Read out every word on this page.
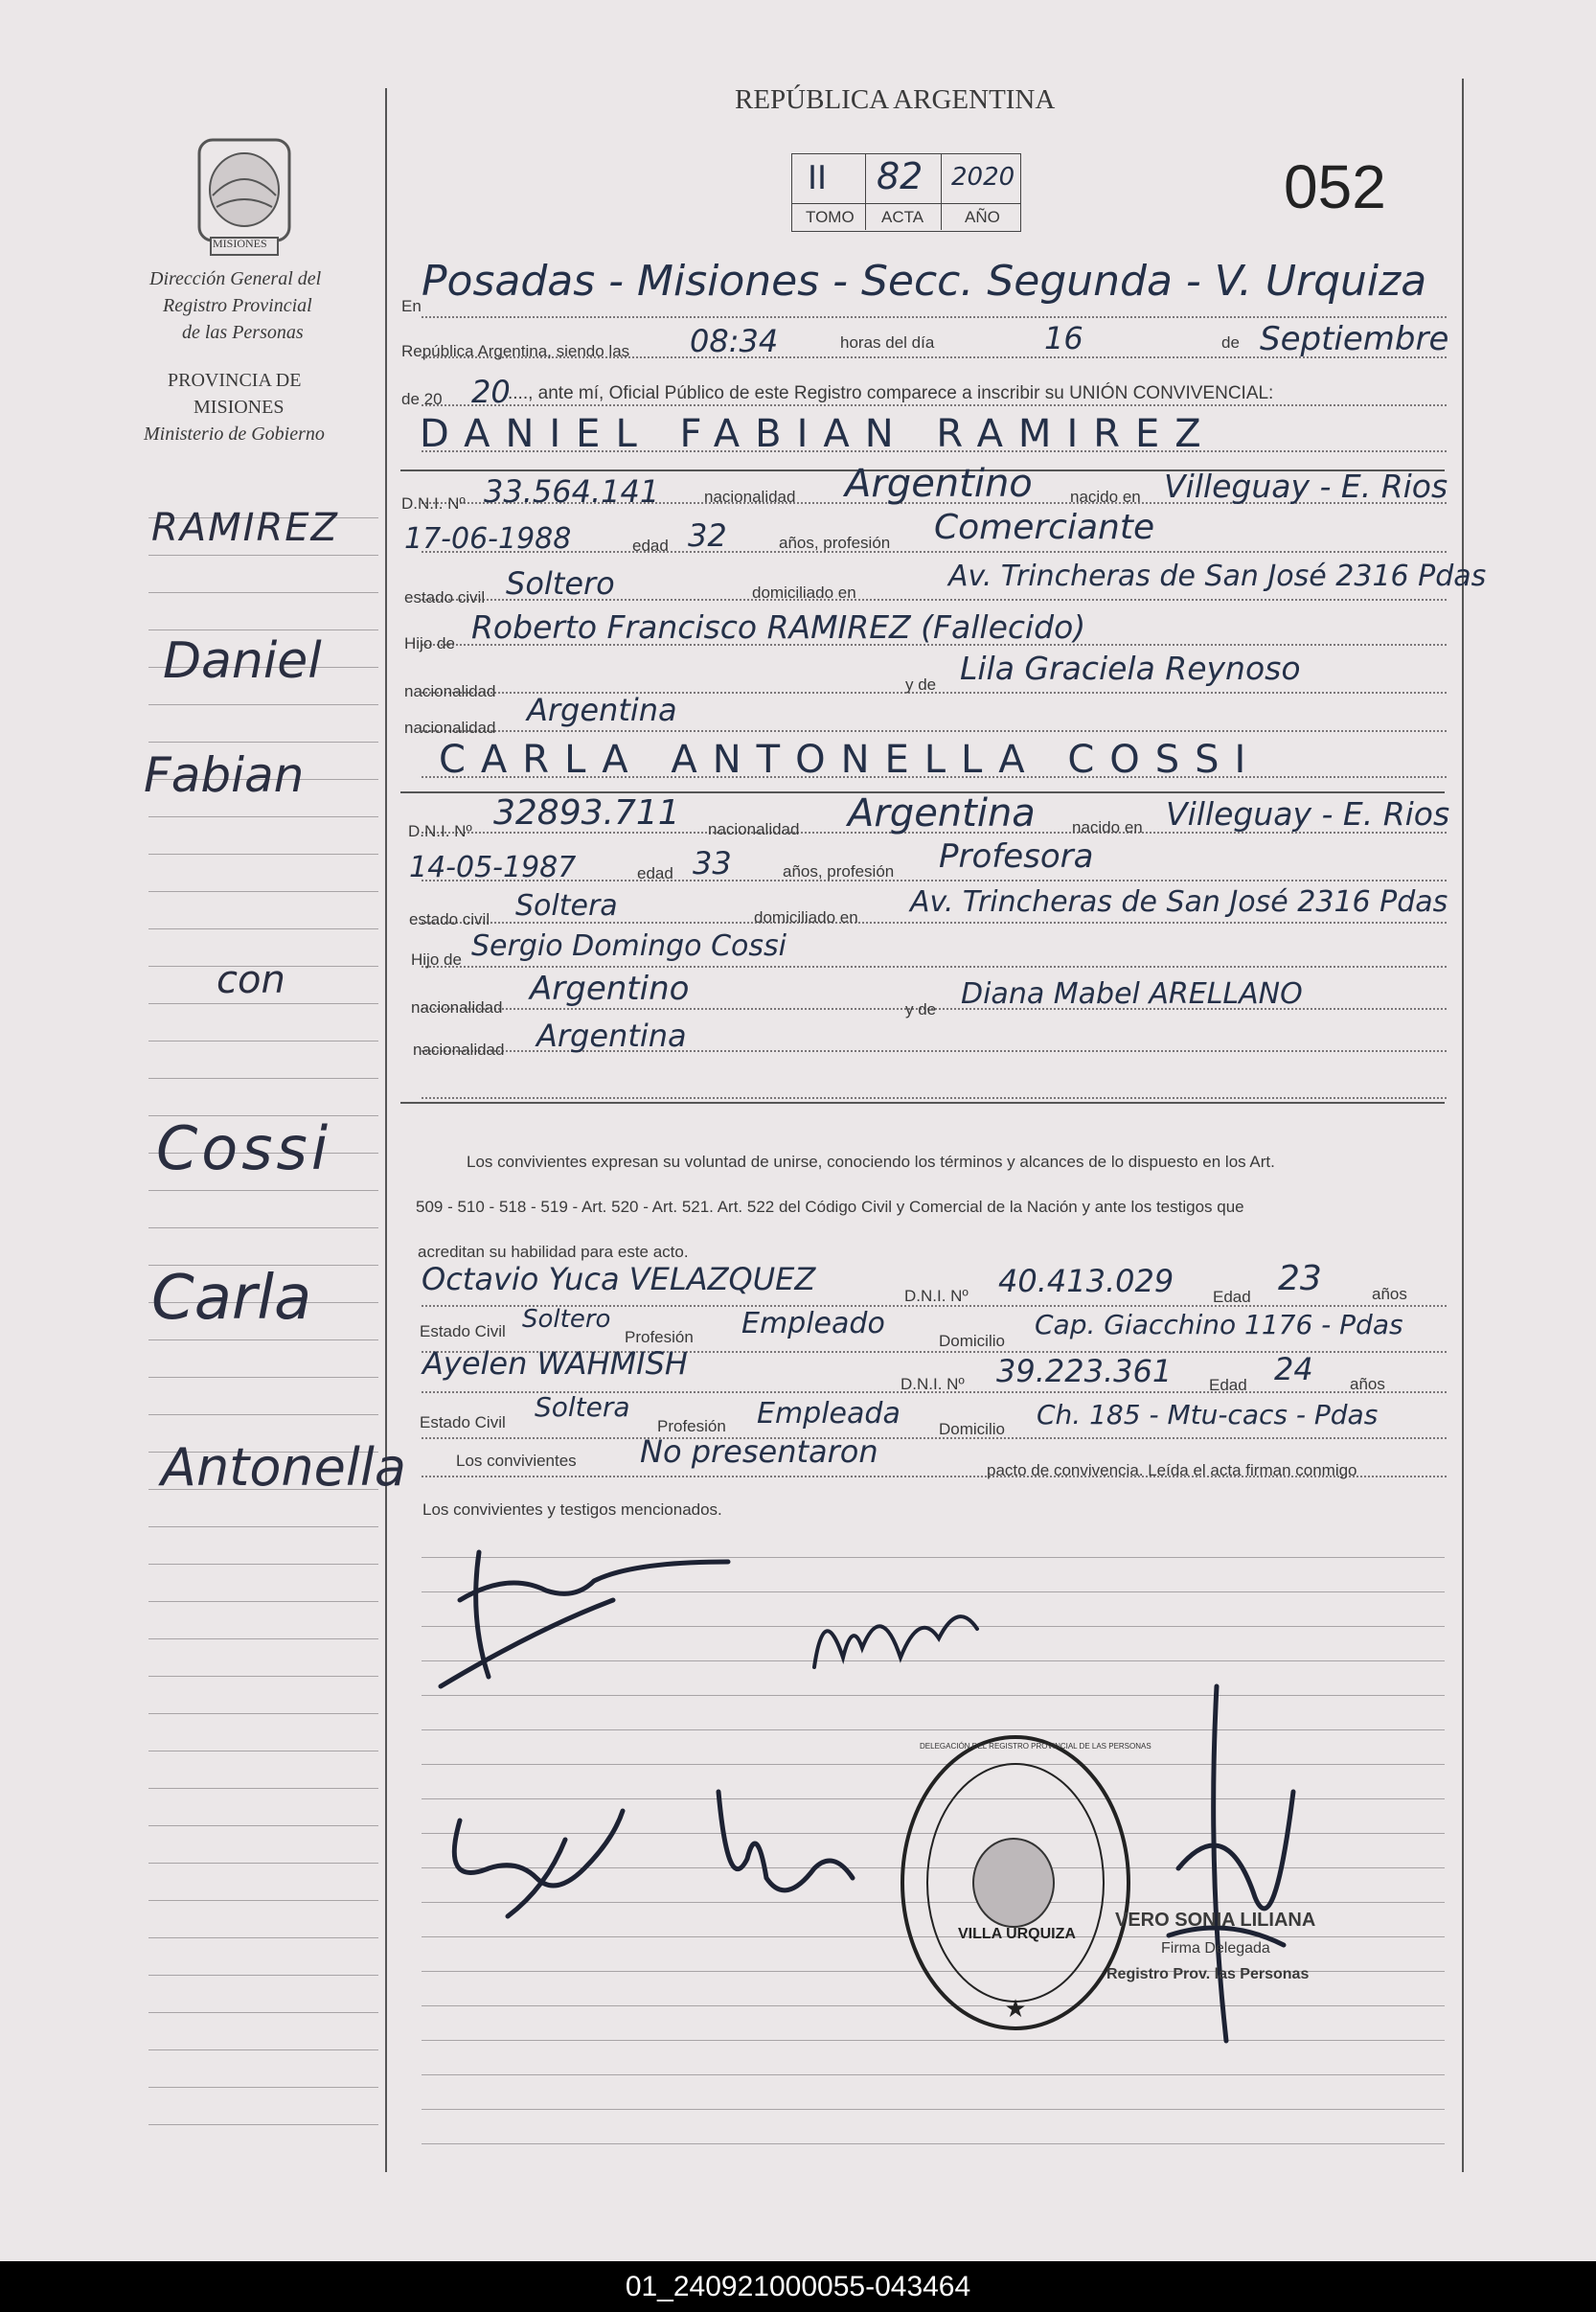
REPÚBLICA ARGENTINA
II 82 2020
TOMO ACTA	AÑO	052
MISIONES
Dirección General del
Registro Provincial
de las Personas
PROVINCIA DE
MISIONES
Ministerio de Gobierno
RAMIREZ
Daniel
Fabian
con
Cossi
Carla
Antonella
En
Posadas - Misiones - Secc. Segunda - V. Urquiza
República Argentina, siendo las 08:34	horas del día	16	de Septiembre
de 20 20
...., ante mí, Oficial Público de este Registro comparece a inscribir su UNIÓN CONVIVENCIAL:
DANIEL FABIAN RAMIREZ
D.N.I. Nº 33.564.141	nacionalidad Argentino nacido en Villeguay - E. Rios
17-06-1988	edad 32	años, profesión Comerciante
estado civil Soltero	domiciliado en	Av. Trincheras de San José 2316 Pdas
Hijo de Roberto Francisco RAMIREZ (Fallecido)
nacionalidad	y de Lila Graciela Reynoso
nacionalidad Argentina
CARLA ANTONELLA COSSI
D.N.I. Nº 32893.711 nacionalidad Argentina nacido en Villeguay - E. Rios
14-05-1987	edad 33	años, profesión Profesora
estado civil Soltera	domiciliado en Av. Trincheras de San José 2316 Pdas
Hijo de Sergio Domingo Cossi
nacionalidad Argentino
y de Diana Mabel ARELLANO
nacionalidad Argentina
Los convivientes expresan su voluntad de unirse, conociendo los términos y alcances de lo dispuesto en los Art.
509 - 510 - 518 - 519 - Art. 520 - Art. 521. Art. 522 del Código Civil y Comercial de la Nación y ante los testigos que
acreditan su habilidad para este acto.
Octavio Yuca VELAZQUEZ	D.N.I. Nº 40.413.029 Edad 23	años
Estado Civil Soltero
Profesión Empleado
Domicilio
Cap. Giacchino 1176 - Pdas
Ayelen WAHMISH
D.N.I. Nº 39.223.361 Edad 24 años
Estado Civil Soltera
Profesión Empleada Domicilio Ch. 185 - Mtu-cacs - Pdas
Los convivientes No presentaron
pacto de convivencia. Leída el acta firman conmigo
Los convivientes y testigos mencionados.
★
DELEGACIÓN DEL REGISTRO PROVINCIAL DE LAS PERSONAS
VILLA URQUIZA
VERO SONIA LILIANA
Firma Delegada
Registro Prov. las Personas
01_240921000055-043464
